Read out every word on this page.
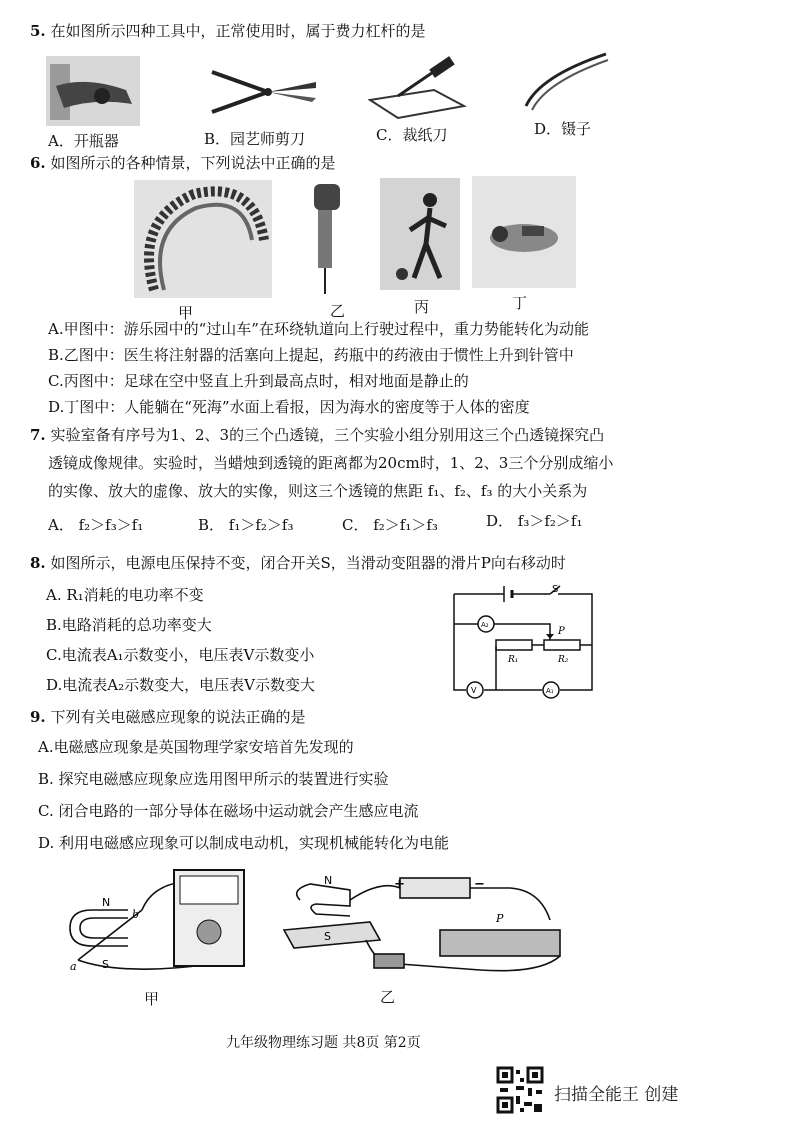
5. 在如图所示四种工具中，正常使用时，属于费力杠杆的是
A．开瓶器	B．园艺师剪刀	C．裁纸刀	D．镊子
6. 如图所示的各种情景，下列说法中正确的是
甲	乙	丙	丁
A.甲图中：游乐园中的“过山车”在环绕轨道向上行驶过程中，重力势能转化为动能
B.乙图中：医生将注射器的活塞向上提起，药瓶中的药液由于惯性上升到针管中
C.丙图中：足球在空中竖直上升到最高点时，相对地面是静止的
D.丁图中：人能躺在“死海”水面上看报，因为海水的密度等于人体的密度
7. 实验室备有序号为1、2、3的三个凸透镜，三个实验小组分别用这三个凸透镜探究凸
透镜成像规律。实验时，当蜡烛到透镜的距离都为20cm时，1、2、3三个分别成缩小
的实像、放大的虚像、放大的实像，则这三个透镜的焦距 f₁、f₂、f₃ 的大小关系为
A． f₂＞f₃＞f₁	B． f₁＞f₂＞f₃	C． f₂＞f₁＞f₃	D． f₃＞f₂＞f₁
8. 如图所示，电源电压保持不变，闭合开关S，当滑动变阻器的滑片P向右移动时
A. R₁消耗的电功率不变
B.电路消耗的总功率变大
C.电流表A₁示数变小，电压表V示数变小
D.电流表A₂示数变大，电压表V示数变大
A₂
V	A₁
S
P
R₁	R₂
9. 下列有关电磁感应现象的说法正确的是
A.电磁感应现象是英国物理学家安培首先发现的
B. 探究电磁感应现象应选用图甲所示的装置进行实验
C. 闭合电路的一部分导体在磁场中运动就会产生感应电流
D. 利用电磁感应现象可以制成电动机，实现机械能转化为电能
N
S
b
a
甲
+	−
N
S
P
乙
九年级物理练习题 共8页 第2页
扫描全能王 创建
